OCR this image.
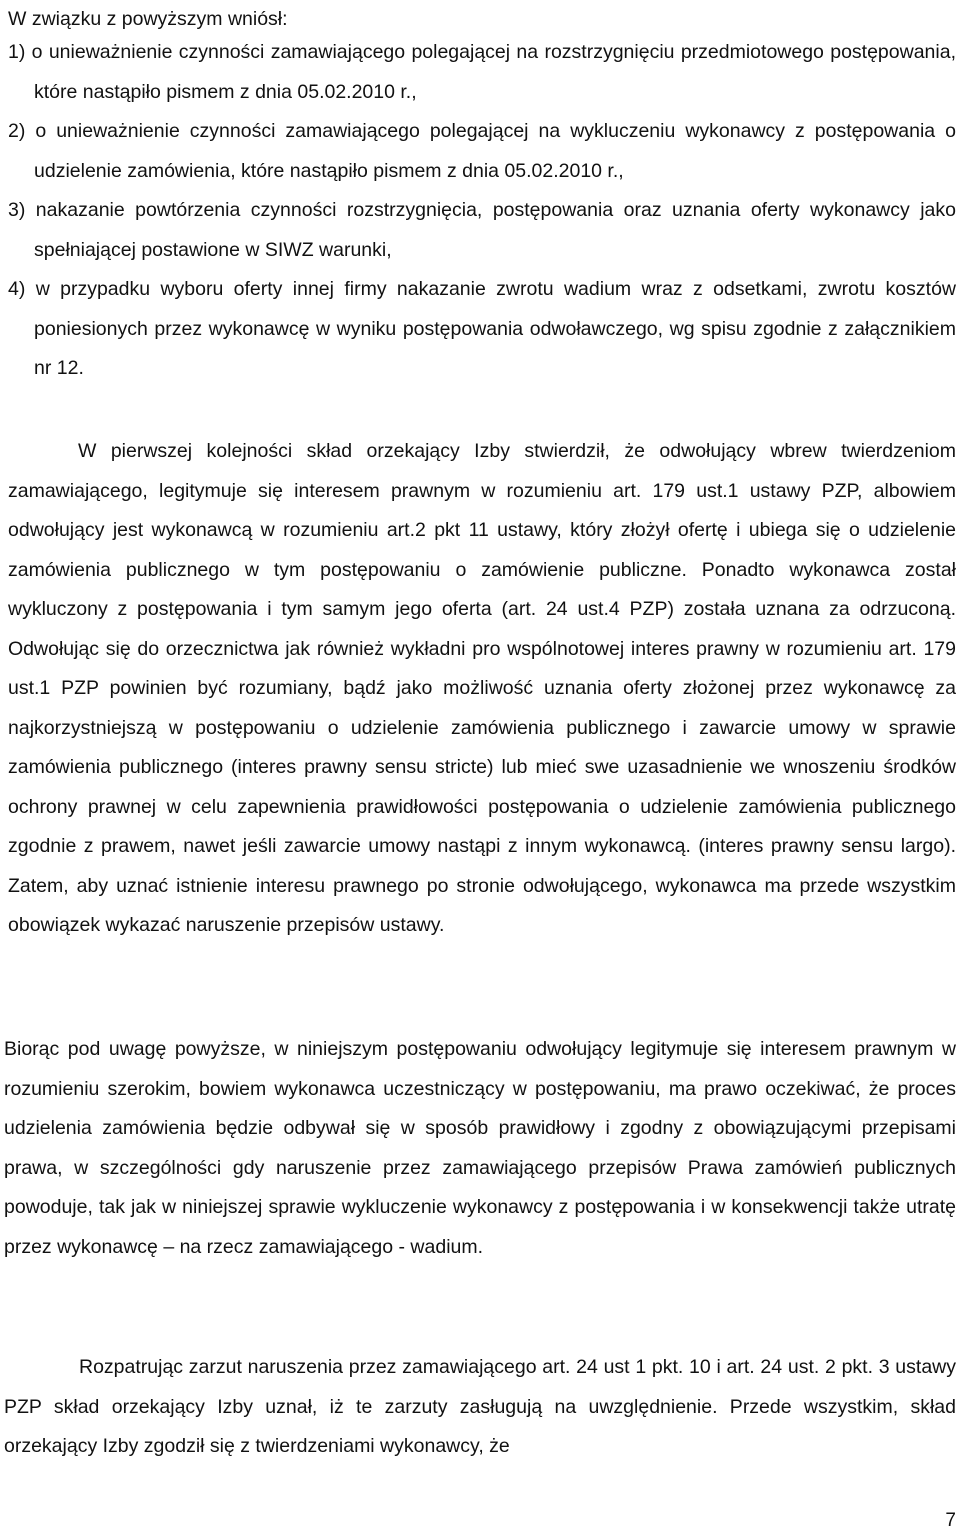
W związku z powyższym wniósł:

1) o unieważnienie czynności zamawiającego polegającej na rozstrzygnięciu przedmiotowego postępowania, które nastąpiło pismem z dnia 05.02.2010 r.,
2) o unieważnienie czynności zamawiającego polegającej na wykluczeniu wykonawcy z postępowania o udzielenie zamówienia, które nastąpiło pismem z dnia 05.02.2010 r.,
3) nakazanie powtórzenia czynności rozstrzygnięcia, postępowania oraz uznania oferty wykonawcy jako spełniającej postawione w SIWZ warunki,
4) w przypadku wyboru oferty innej firmy nakazanie zwrotu wadium wraz z odsetkami, zwrotu kosztów poniesionych przez wykonawcę w wyniku postępowania odwoławczego, wg spisu zgodnie z załącznikiem nr 12.

W pierwszej kolejności skład orzekający Izby stwierdził, że odwołujący wbrew twierdzeniom zamawiającego, legitymuje się interesem prawnym w rozumieniu art. 179 ust.1 ustawy PZP, albowiem odwołujący jest wykonawcą w rozumieniu art.2 pkt 11 ustawy, który złożył ofertę i ubiega się o udzielenie zamówienia publicznego w tym postępowaniu o zamówienie publiczne. Ponadto wykonawca został wykluczony z postępowania i tym samym jego oferta (art. 24 ust.4 PZP) została uznana za odrzuconą. Odwołując się do orzecznictwa jak również wykładni pro wspólnotowej interes prawny w rozumieniu art. 179 ust.1 PZP powinien być rozumiany, bądź jako możliwość uznania oferty złożonej przez wykonawcę za najkorzystniejszą w postępowaniu o udzielenie zamówienia publicznego i zawarcie umowy w sprawie zamówienia publicznego (interes prawny sensu stricte) lub mieć swe uzasadnienie we wnoszeniu środków ochrony prawnej w celu zapewnienia prawidłowości postępowania o udzielenie zamówienia publicznego zgodnie z prawem, nawet jeśli zawarcie umowy nastąpi z innym wykonawcą. (interes prawny sensu largo). Zatem, aby uznać istnienie interesu prawnego po stronie odwołującego, wykonawca ma przede wszystkim obowiązek wykazać naruszenie przepisów ustawy.

Biorąc pod uwagę powyższe, w niniejszym postępowaniu odwołujący legitymuje się interesem prawnym w rozumieniu szerokim, bowiem wykonawca uczestniczący w postępowaniu, ma prawo oczekiwać, że proces udzielenia zamówienia będzie odbywał się w sposób prawidłowy i zgodny z obowiązującymi przepisami prawa, w szczególności gdy naruszenie przez zamawiającego przepisów Prawa zamówień publicznych powoduje, tak jak w niniejszej sprawie wykluczenie wykonawcy z postępowania i w konsekwencji także utratę przez wykonawcę – na rzecz zamawiającego - wadium.

Rozpatrując zarzut naruszenia przez zamawiającego art. 24 ust 1 pkt. 10 i art. 24 ust. 2 pkt. 3 ustawy PZP skład orzekający Izby uznał, iż te zarzuty zasługują na uwzględnienie. Przede wszystkim, skład orzekający Izby zgodził się z twierdzeniami wykonawcy, że

7
